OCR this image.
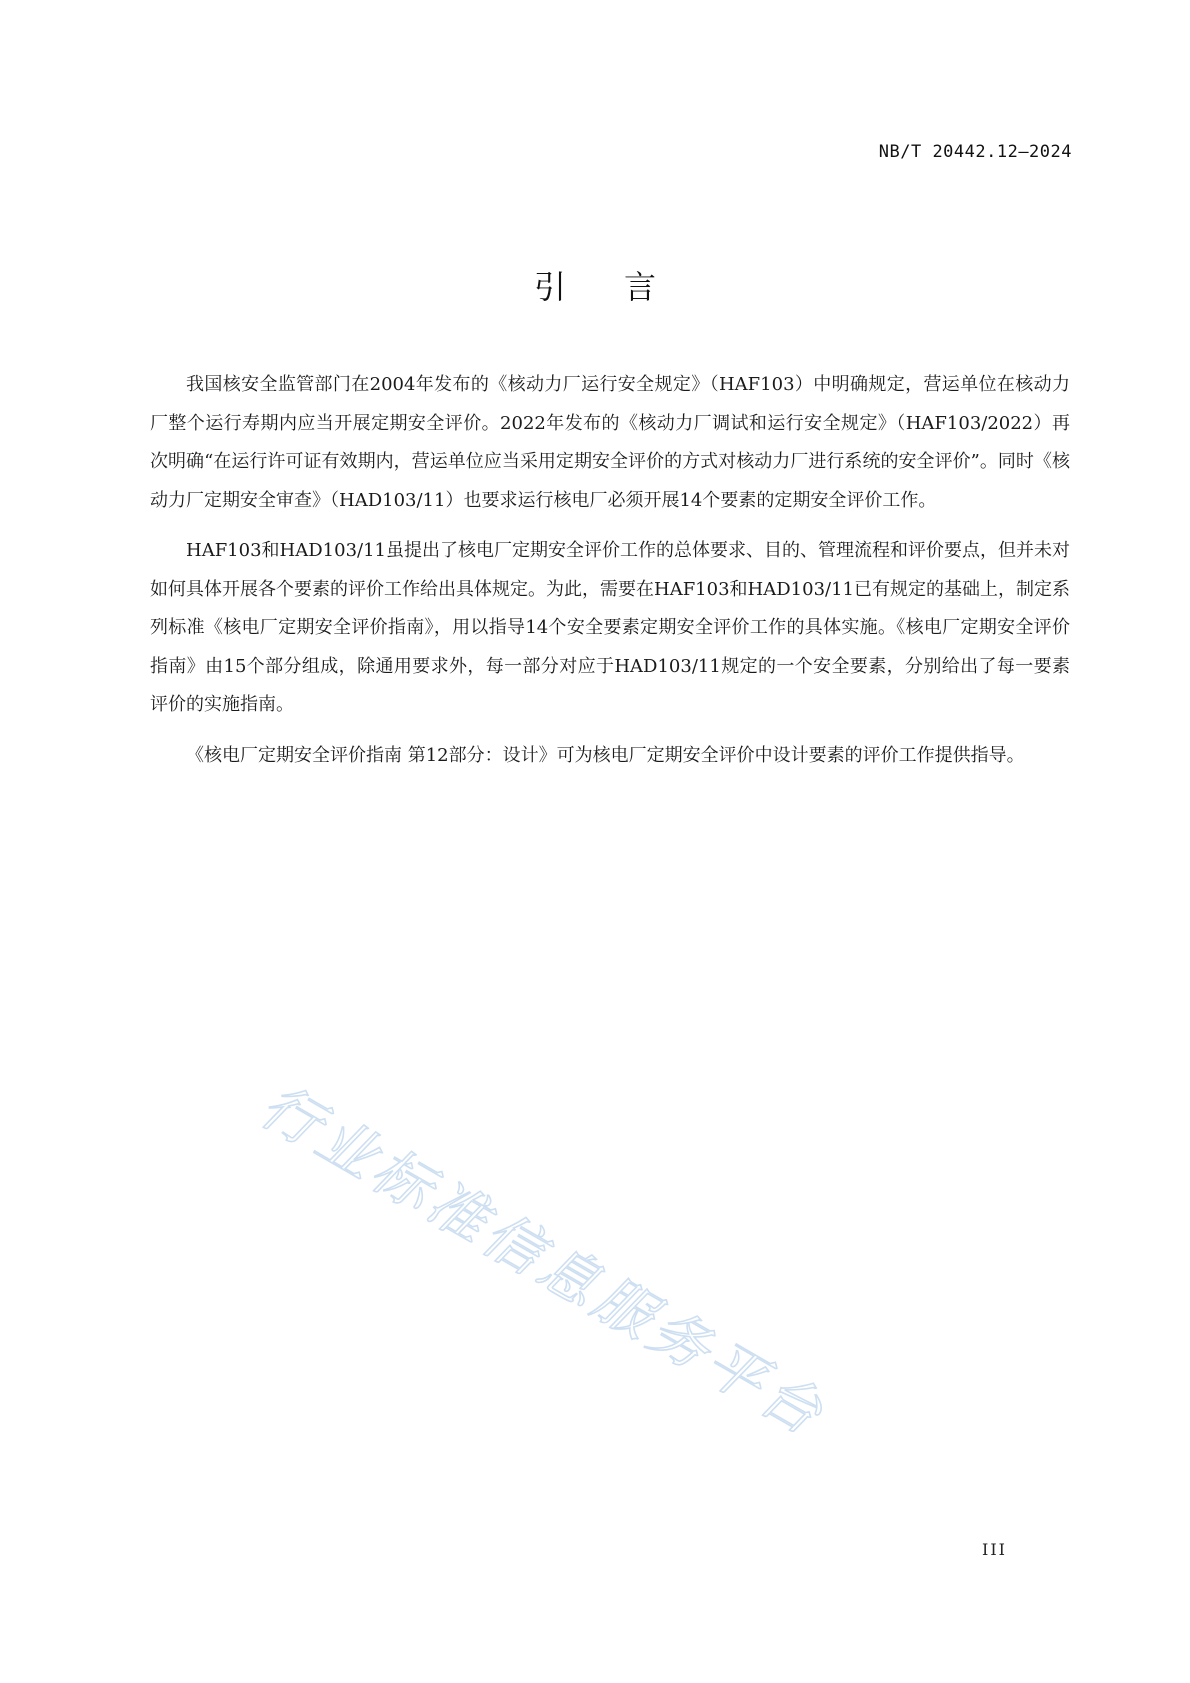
NB/T 20442.12—2024
引言

我国核安全监管部门在2004年发布的《核动力厂运行安全规定》（HAF103）中明确规定，营运单位在核动力厂整个运行寿期内应当开展定期安全评价。2022年发布的《核动力厂调试和运行安全规定》（HAF103/2022）再次明确“在运行许可证有效期内，营运单位应当采用定期安全评价的方式对核动力厂进行系统的安全评价”。同时《核动力厂定期安全审查》（HAD103/11）也要求运行核电厂必须开展14个要素的定期安全评价工作。

HAF103和HAD103/11虽提出了核电厂定期安全评价工作的总体要求、目的、管理流程和评价要点，但并未对如何具体开展各个要素的评价工作给出具体规定。为此，需要在HAF103和HAD103/11已有规定的基础上，制定系列标准《核电厂定期安全评价指南》，用以指导14个安全要素定期安全评价工作的具体实施。《核电厂定期安全评价指南》由15个部分组成，除通用要求外，每一部分对应于HAD103/11规定的一个安全要素，分别给出了每一要素评价的实施指南。

《核电厂定期安全评价指南 第12部分：设计》可为核电厂定期安全评价中设计要素的评价工作提供指导。

行业标准信息服务平台
III
